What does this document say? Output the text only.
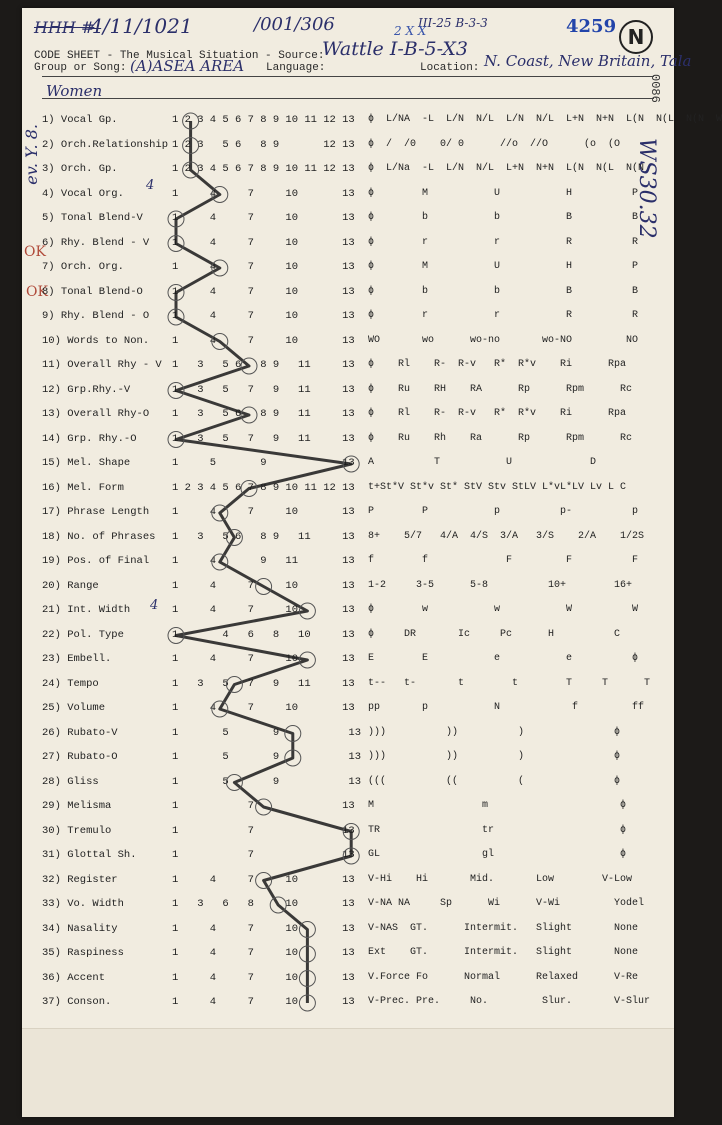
HHH #
4/11/1021	/001/306	III-25 B-3-3
2 X X	4259 N
CODE SHEET - The Musical Situation - Source:
Wattle I-B-5-X3
Group or Song: (A)ASEA AREA Language:	Location: N. Coast, New Britain, Tala
Women	0086
WS30.32
ev. Y. 8.
OK
OK
4
4
1) Vocal Gp.	1 2 3 4 5 6 7 8 9 10 11 12 13 ɸ  L/NA  -L  L/N  N/L  L/N  N/L  L+N  N+N  L(N  N(L  N(N  W
2) Orch.Relationship 1 2 3   5 6   8 9       12 13 ɸ  /  /0    0/ 0      //o  //O      (o  (O
3) Orch. Gp.	1 2 3 4 5 6 7 8 9 10 11 12 13 ɸ  L/Na  -L  L/N  N/L  L+N  N+N  L(N  N(L  N(N
4) Vocal Org.	1     4     7     10       13 ɸ        M           U           H          P
5) Tonal Blend-V	1     4     7     10       13 ɸ        b           b           B          B
6) Rhy. Blend - V 1     4     7     10       13 ɸ        r           r           R          R
7) Orch. Org.	1     4     7     10       13 ɸ        M           U           H          P
8) Tonal Blend-O	1     4     7     10       13 ɸ        b           b           B          B
9) Rhy. Blend - O 1     4     7     10       13 ɸ        r           r           R          R
10) Words to Non. 1     4     7     10       13 WO       wo      wo-no       wo-NO         NO
11) Overall Rhy - V 1   3   5 6   8 9   11     13 ɸ    Rl    R-  R-v   R*  R*v    Ri      Rpa
12) Grp.Rhy.-V	1   3   5   7   9   11     13 ɸ    Ru    RH    RA      Rp      Rpm      Rc
13) Overall Rhy-O 1   3   5 6   8 9   11     13 ɸ    Rl    R-  R-v   R*  R*v    Ri      Rpa
14) Grp. Rhy.-O	1   3   5   7   9   11     13 ɸ    Ru    Rh    Ra      Rp      Rpm      Rc
15) Mel. Shape	1     5       9            13 A          T           U             D
16) Mel. Form	1 2 3 4 5 6 7 8 9 10 11 12 13 t+St*V St*v St* StV Stv StLV L*vL*LV Lv L C
17) Phrase Length 1     4     7     10       13 P        P           p          p-          p
18) No. of Phrases 1   3   5 6   8 9   11     13 8+    5/7   4/A  4/S  3/A   3/S    2/A    1/2S
19) Pos. of Final 1     4       9   11       13 f        f             F         F          F
20) Range	1     4     7     10       13 1-2     3-5      5-8          10+        16+
21) Int. Width	1     4     7     10       13 ɸ        w           w           W          W
22) Pol. Type	1       4   6   8   10     13 ɸ     DR       Ic     Pc      H          C
23) Embell.	1     4     7     10       13 E        E           e           e          ɸ
24) Tempo	1   3   5   7   9   11     13 t--   t-       t        t        T     T      T
25) Volume	1     4     7     10       13 pp       p           N            f         ff
26) Rubato-V	1       5       9           13 )))          ))          )               ɸ
27) Rubato-O	1       5       9           13 )))          ))          )               ɸ
28) Gliss	1       5       9           13 (((          ((          (               ɸ
29) Melisma	1           7              13 M                  m                      ɸ
30) Tremulo	1           7              13 TR                 tr                     ɸ
31) Glottal Sh.	1           7              13 GL                 gl                     ɸ
32) Register	1     4     7     10       13 V-Hi    Hi       Mid.       Low        V-Low
33) Vo. Width	1   3   6   8     10       13 V-NA NA     Sp      Wi      V-Wi         Yodel
34) Nasality	1     4     7     10       13 V-NAS  GT.      Intermit.   Slight       None
35) Raspiness	1     4     7     10       13 Ext    GT.      Intermit.   Slight       None
36) Accent	1     4     7     10       13 V.Force Fo      Normal      Relaxed      V-Re
37) Conson.	1     4     7     10       13 V-Prec. Pre.     No.         Slur.       V-Slur
